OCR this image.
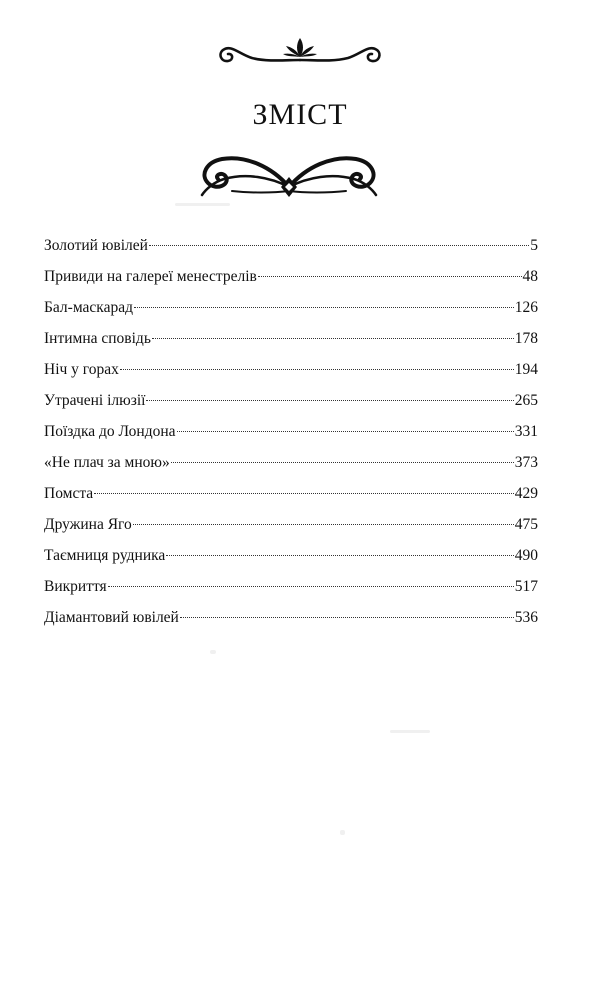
ЗМІСТ
Золотий ювілей	5
Привиди на галереї менестрелів	48
Бал-маскарад	126
Інтимна сповідь	178
Ніч у горах	194
Утрачені ілюзії	265
Поїздка до Лондона	331
«Не плач за мною»	373
Помста	429
Дружина Яго	475
Таємниця рудника	490
Викриття	517
Діамантовий ювілей	536
